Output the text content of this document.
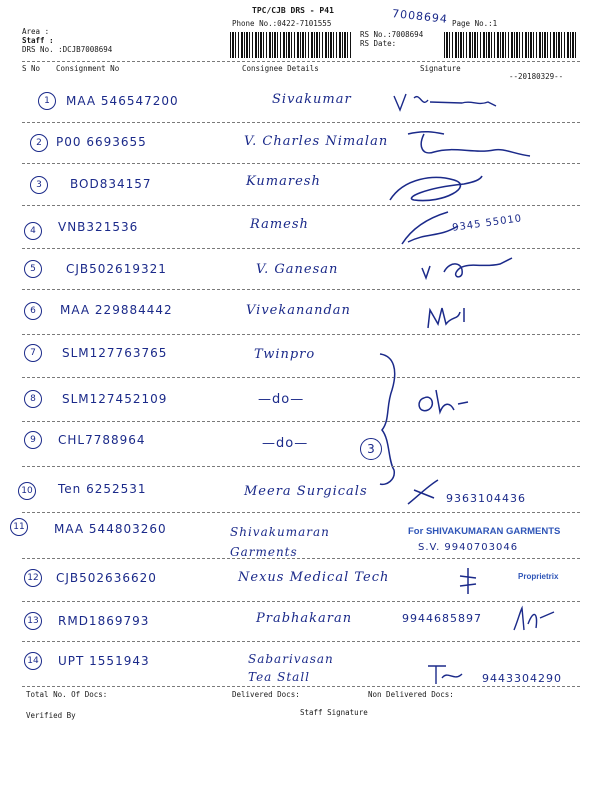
TPC/CJB DRS - P41
Phone No.:0422-7101555	7008694 Page No.:1
Area :
Staff :
DRS No. :DCJB7008694
RS No.:7008694
RS Date:
S No Consignment No	Consignee Details	Signature
--20180329--
1	MAA 546547200	Sivakumar
2	P00 6693655	V. Charles Nimalan
3	BOD834157	Kumaresh
4	VNB321536	Ramesh	9345 55010
5	CJB502619321	V. Ganesan
6	MAA 229884442	Vivekanandan
7	SLM127763765	Twinpro
8	SLM127452109	—do—
9	CHL7788964	—do—	3
10 Ten 6252531	Meera Surgicals	9363104436
11 MAA 544803260	Shivakumaran Garments
For SHIVAKUMARAN GARMENTS
S.V. 9940703046
12 CJB502636620	Nexus Medical Tech	Proprietrix
13 RMD1869793	Prabhakaran	9944685897
14 UPT 1551943	Sabarivasan Tea Stall	9443304290
Total No. Of Docs:	Delivered Docs:	Non Delivered Docs:
Verified By	Staff Signature
